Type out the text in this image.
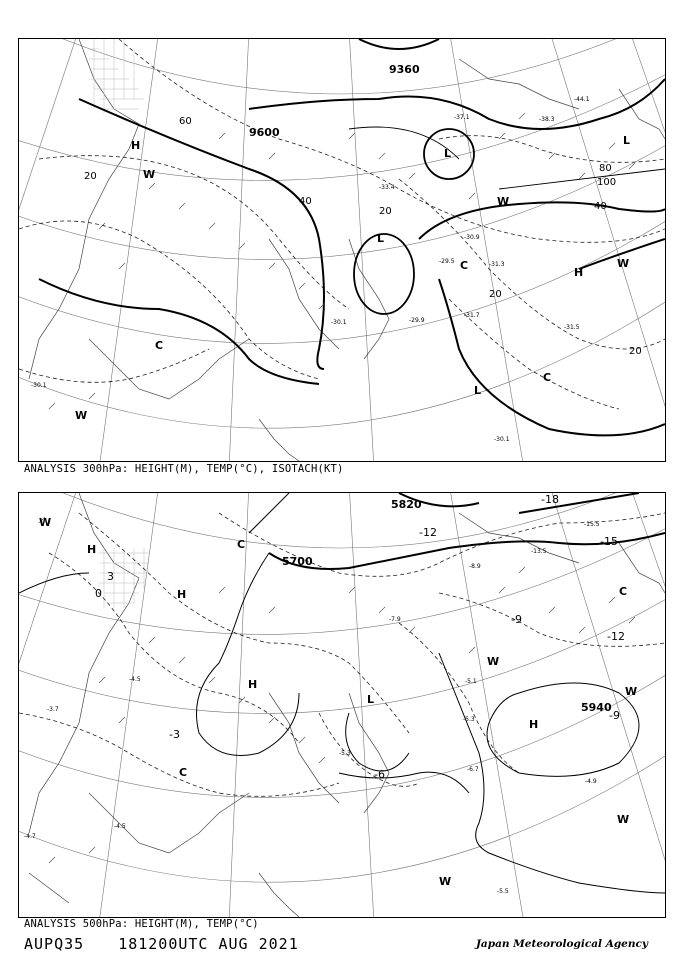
20
20
20
20
40	40
60
80
100
9360
9600
H
H
L
L
L
L
C
C
C
W
W
W
W
-30.1
-31.3
-29.9
-37.1	-38.3
-44.1
-29.5
-31.7
-31.5
-30.9
-33.4
-30.1
-30.1
ANALYSIS 300hPa: HEIGHT(M), TEMP(°C), ISOTACH(KT)
5700
5820
5940
-3
-6
-9
-9
-12
-12
-15
-18
0
3
H
H
H
H
L
C
C
C
W
W
W
W
W
-5.1
-5.3
-4.9
-5.5
-6.7
-7.9
-8.9
-13.5
-15.5
-4.5
-4.7
-3.7
-5.3
-4.5
ANALYSIS 500hPa: HEIGHT(M), TEMP(°C)
AUPQ35 181200UTC AUG 2021	Japan Meteorological Agency
